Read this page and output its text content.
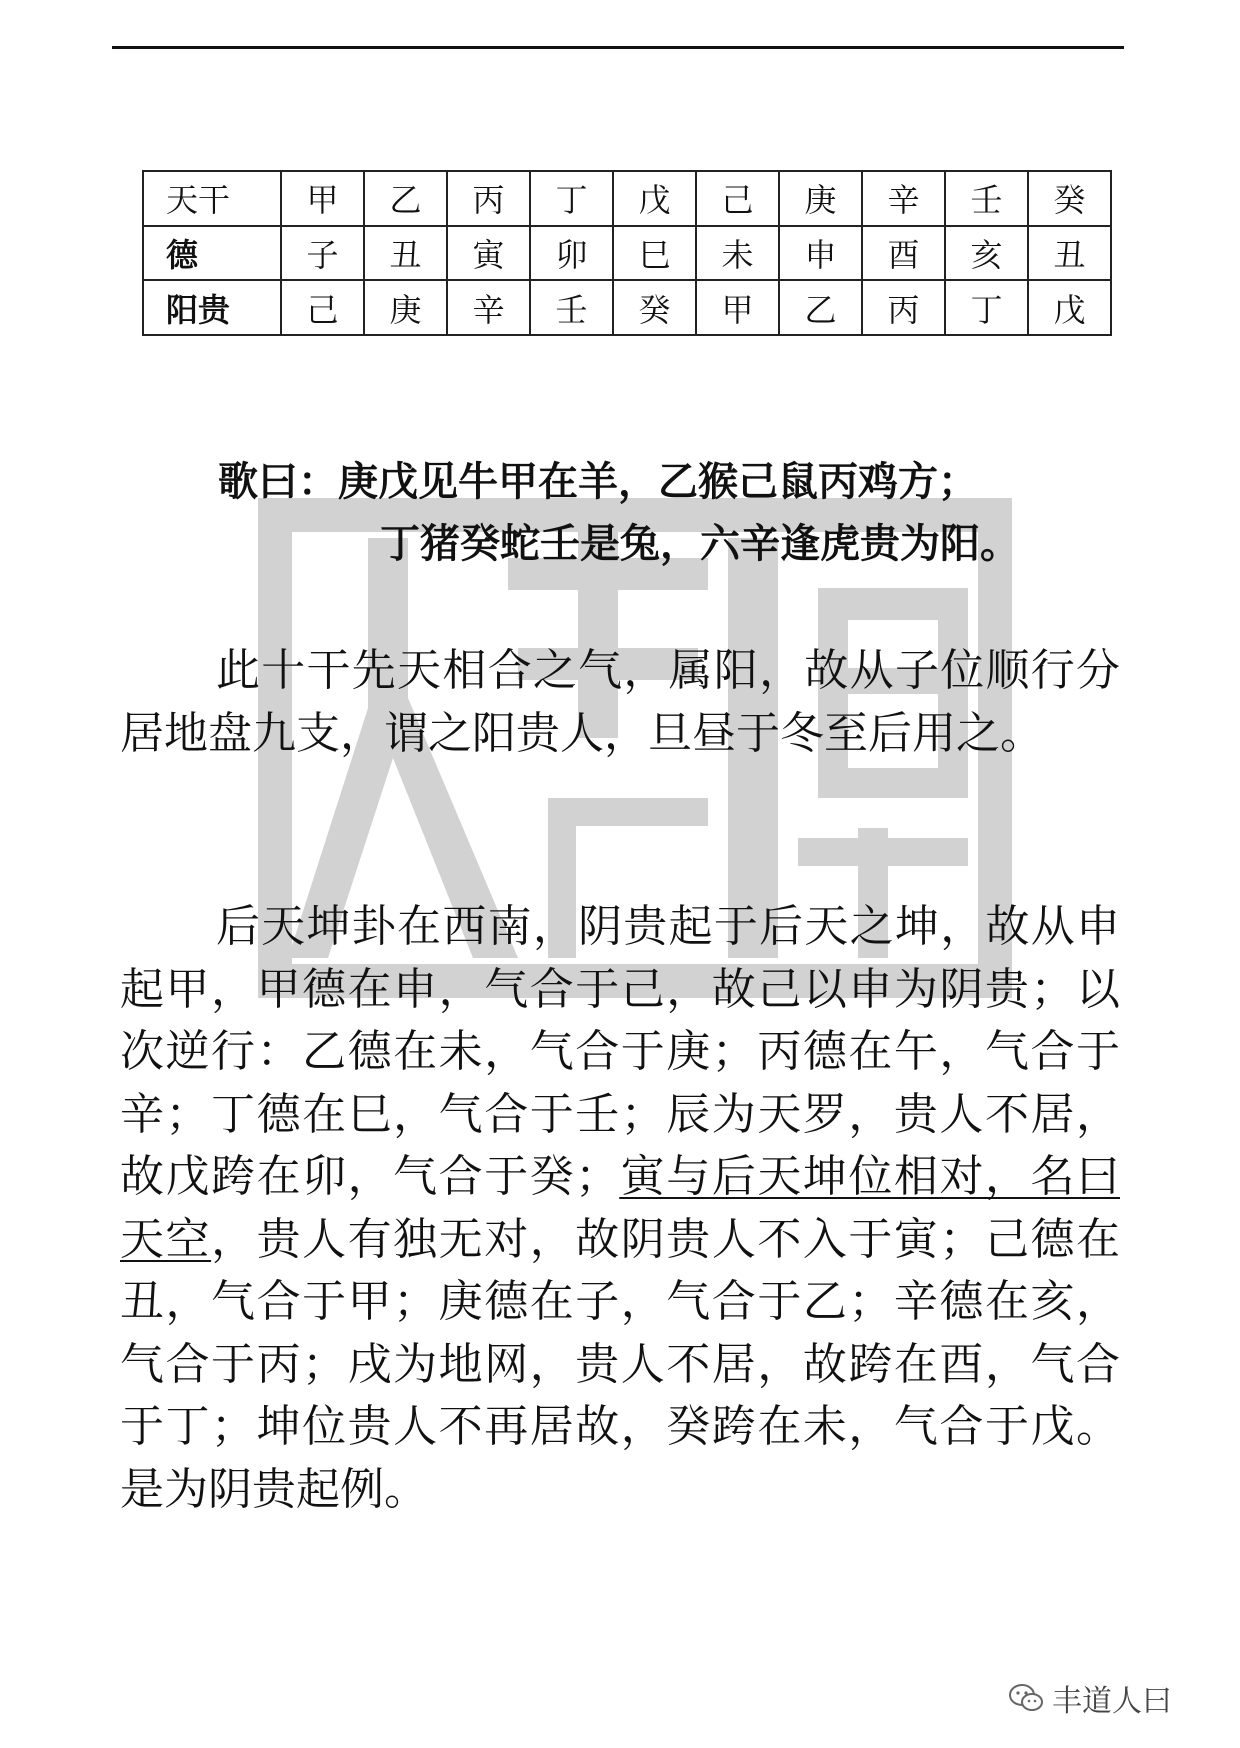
天干	甲	乙	丙	丁	戊	己	庚	辛	壬	癸
德	子	丑	寅	卯	巳	未	申	酉	亥	丑
阳贵	己	庚	辛	壬	癸	甲	乙	丙	丁	戊
歌曰：庚戊见牛甲在羊，乙猴己鼠丙鸡方；
丁猪癸蛇壬是兔，六辛逢虎贵为阳。
此十干先天相合之气，属阳，故从子位顺行分居地盘九支，谓之阳贵人，旦昼于冬至后用之。
后天坤卦在西南，阴贵起于后天之坤，故从申起甲，甲德在申，气合于己，故己以申为阴贵；以次逆行：乙德在未，气合于庚；丙德在午，气合于辛；丁德在巳，气合于壬；辰为天罗，贵人不居，故戊跨在卯，气合于癸；寅与后天坤位相对，名曰天空，贵人有独无对，故阴贵人不入于寅；己德在丑，气合于甲；庚德在子，气合于乙；辛德在亥，气合于丙；戌为地网，贵人不居，故跨在酉，气合于丁；坤位贵人不再居故，癸跨在未，气合于戊。是为阴贵起例。
丰道人曰
